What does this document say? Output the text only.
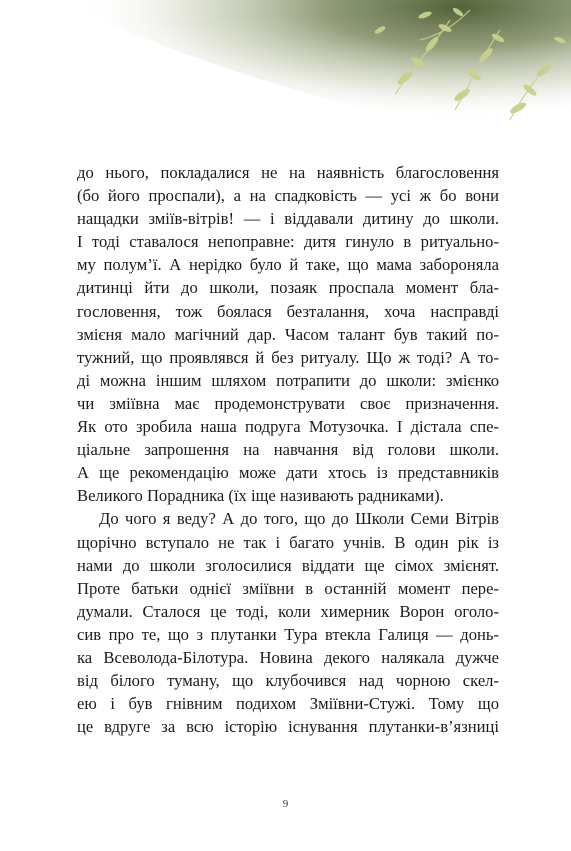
до нього, покладалися не на наявність благословення
(бо його проспали), а на спадковість — усі ж бо вони
нащадки зміїв-вітрів! — і віддавали дитину до школи.
І тоді ставалося непоправне: дитя гинуло в ритуально-
му полум’ї. А нерідко було й таке, що мама забороняла
дитинці йти до школи, позаяк проспала момент бла-
гословення, тож боялася безталання, хоча насправді
змієня мало магічний дар. Часом талант був такий по-
тужний, що проявлявся й без ритуалу. Що ж тоді? А то-
ді можна іншим шляхом потрапити до школи: змієнко
чи зміївна має продемонструвати своє призначення.
Як ото зробила наша подруга Мотузочка. І дістала спе-
ціальне запрошення на навчання від голови школи.
А ще рекомендацію може дати хтось із представників
Великого Порадника (їх іще називають радниками).
До чого я веду? А до того, що до Школи Семи Вітрів
щорічно вступало не так і багато учнів. В один рік із
нами до школи зголосилися віддати ще сімох змієнят.
Проте батьки однієї зміївни в останній момент пере-
думали. Сталося це тоді, коли химерник Ворон оголо-
сив про те, що з плутанки Тура втекла Галиця — донь-
ка Всеволода-Білотура. Новина декого налякала дужче
від білого туману, що клубочився над чорною скел-
ею і був гнівним подихом Зміївни-Стужі. Тому що
це вдруге за всю історію існування плутанки-в’язниці
9
